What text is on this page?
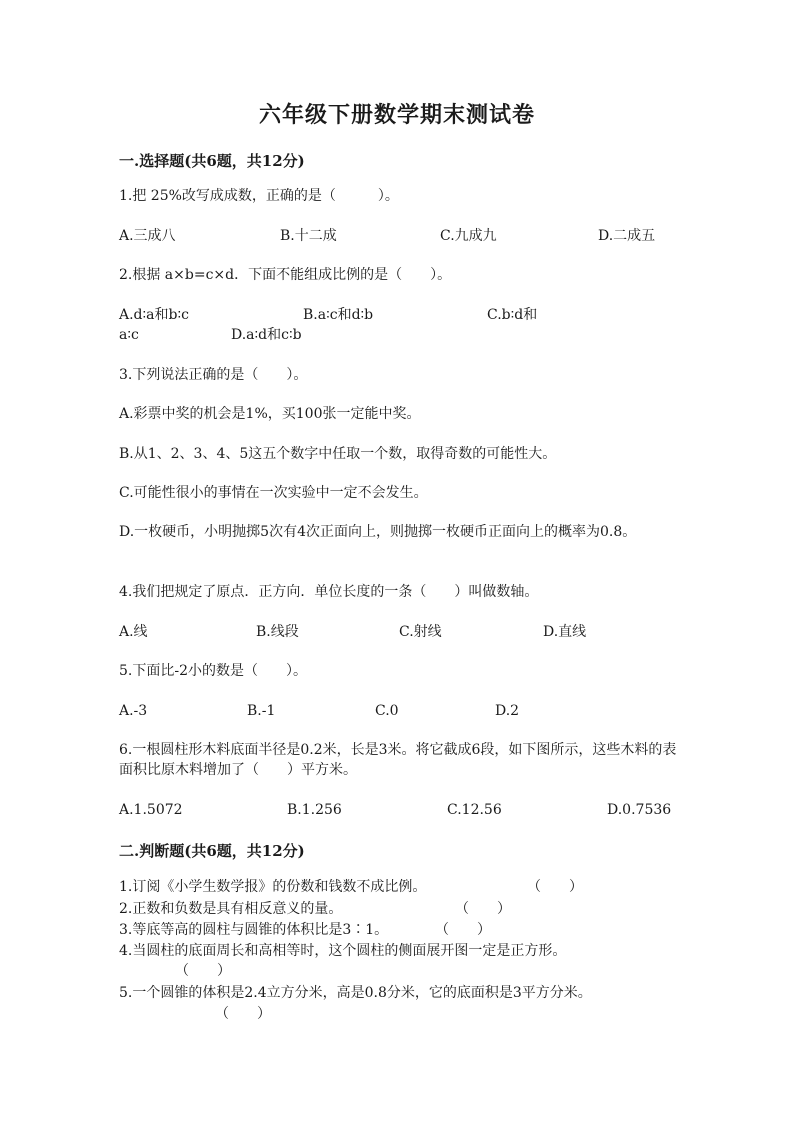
六年级下册数学期末测试卷
一.选择题(共6题，共12分)
1.把 25%改写成成数，正确的是（　　　）。
A.三成八	B.十二成	C.九成九	D.二成五
2.根据 a×b=c×d．下面不能组成比例的是（　　）。
A.d∶a和b∶c	B.a∶c和d∶b	C.b∶d和
a∶c	D.a∶d和c∶b
3.下列说法正确的是（　　）。
A.彩票中奖的机会是1%，买100张一定能中奖。
B.从1、2、3、4、5这五个数字中任取一个数，取得奇数的可能性大。
C.可能性很小的事情在一次实验中一定不会发生。
D.一枚硬币，小明抛掷5次有4次正面向上，则抛掷一枚硬币正面向上的概率为0.8。
4.我们把规定了原点．正方向．单位长度的一条（　　）叫做数轴。
A.线	B.线段	C.射线	D.直线
5.下面比-2小的数是（　　）。
A.-3	B.-1	C.0	D.2
6.一根圆柱形木料底面半径是0.2米，长是3米。将它截成6段，如下图所示，这些木料的表面积比原木料增加了（　　）平方米。
A.1.5072	B.1.256	C.12.56	D.0.7536
二.判断题(共6题，共12分)
1.订阅《小学生数学报》的份数和钱数不成比例。	（　　）
2.正数和负数是具有相反意义的量。	（　　）
3.等底等高的圆柱与圆锥的体积比是3∶1。	（　　）
4.当圆柱的底面周长和高相等时，这个圆柱的侧面展开图一定是正方形。
（　　）
5.一个圆锥的体积是2.4立方分米，高是0.8分米，它的底面积是3平方分米。
（　　）
